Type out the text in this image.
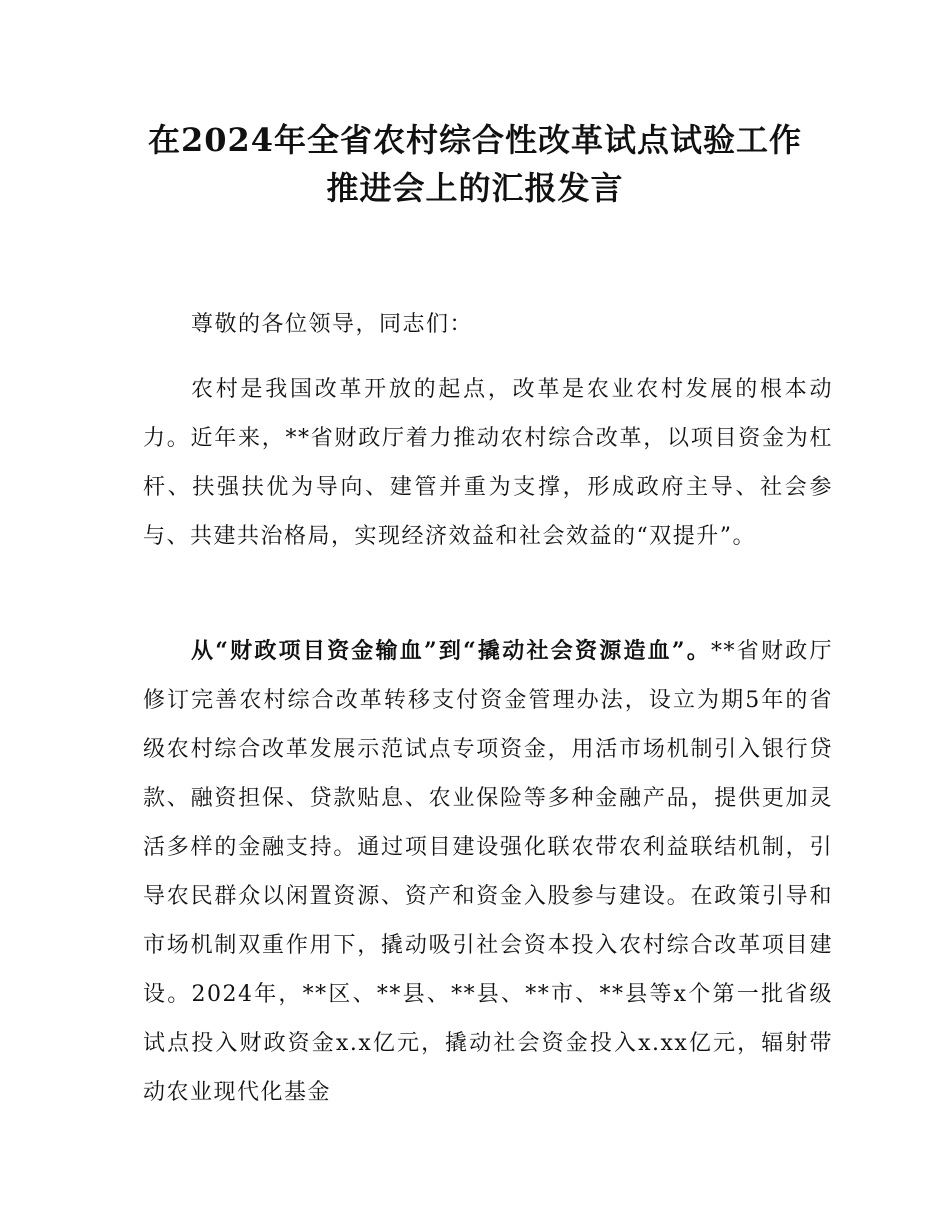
在2024年全省农村综合性改革试点试验工作
推进会上的汇报发言

尊敬的各位领导，同志们：

农村是我国改革开放的起点，改革是农业农村发展的根本动力。近年来，**省财政厅着力推动农村综合改革，以项目资金为杠杆、扶强扶优为导向、建管并重为支撑，形成政府主导、社会参与、共建共治格局，实现经济效益和社会效益的“双提升”。

从“财政项目资金输血”到“撬动社会资源造血”。**省财政厅修订完善农村综合改革转移支付资金管理办法，设立为期5年的省级农村综合改革发展示范试点专项资金，用活市场机制引入银行贷款、融资担保、贷款贴息、农业保险等多种金融产品，提供更加灵活多样的金融支持。通过项目建设强化联农带农利益联结机制，引导农民群众以闲置资源、资产和资金入股参与建设。在政策引导和市场机制双重作用下，撬动吸引社会资本投入农村综合改革项目建设。2024年，**区、**县、**县、**市、**县等x个第一批省级试点投入财政资金x.x亿元，撬动社会资金投入x.xx亿元，辐射带动农业现代化基金
